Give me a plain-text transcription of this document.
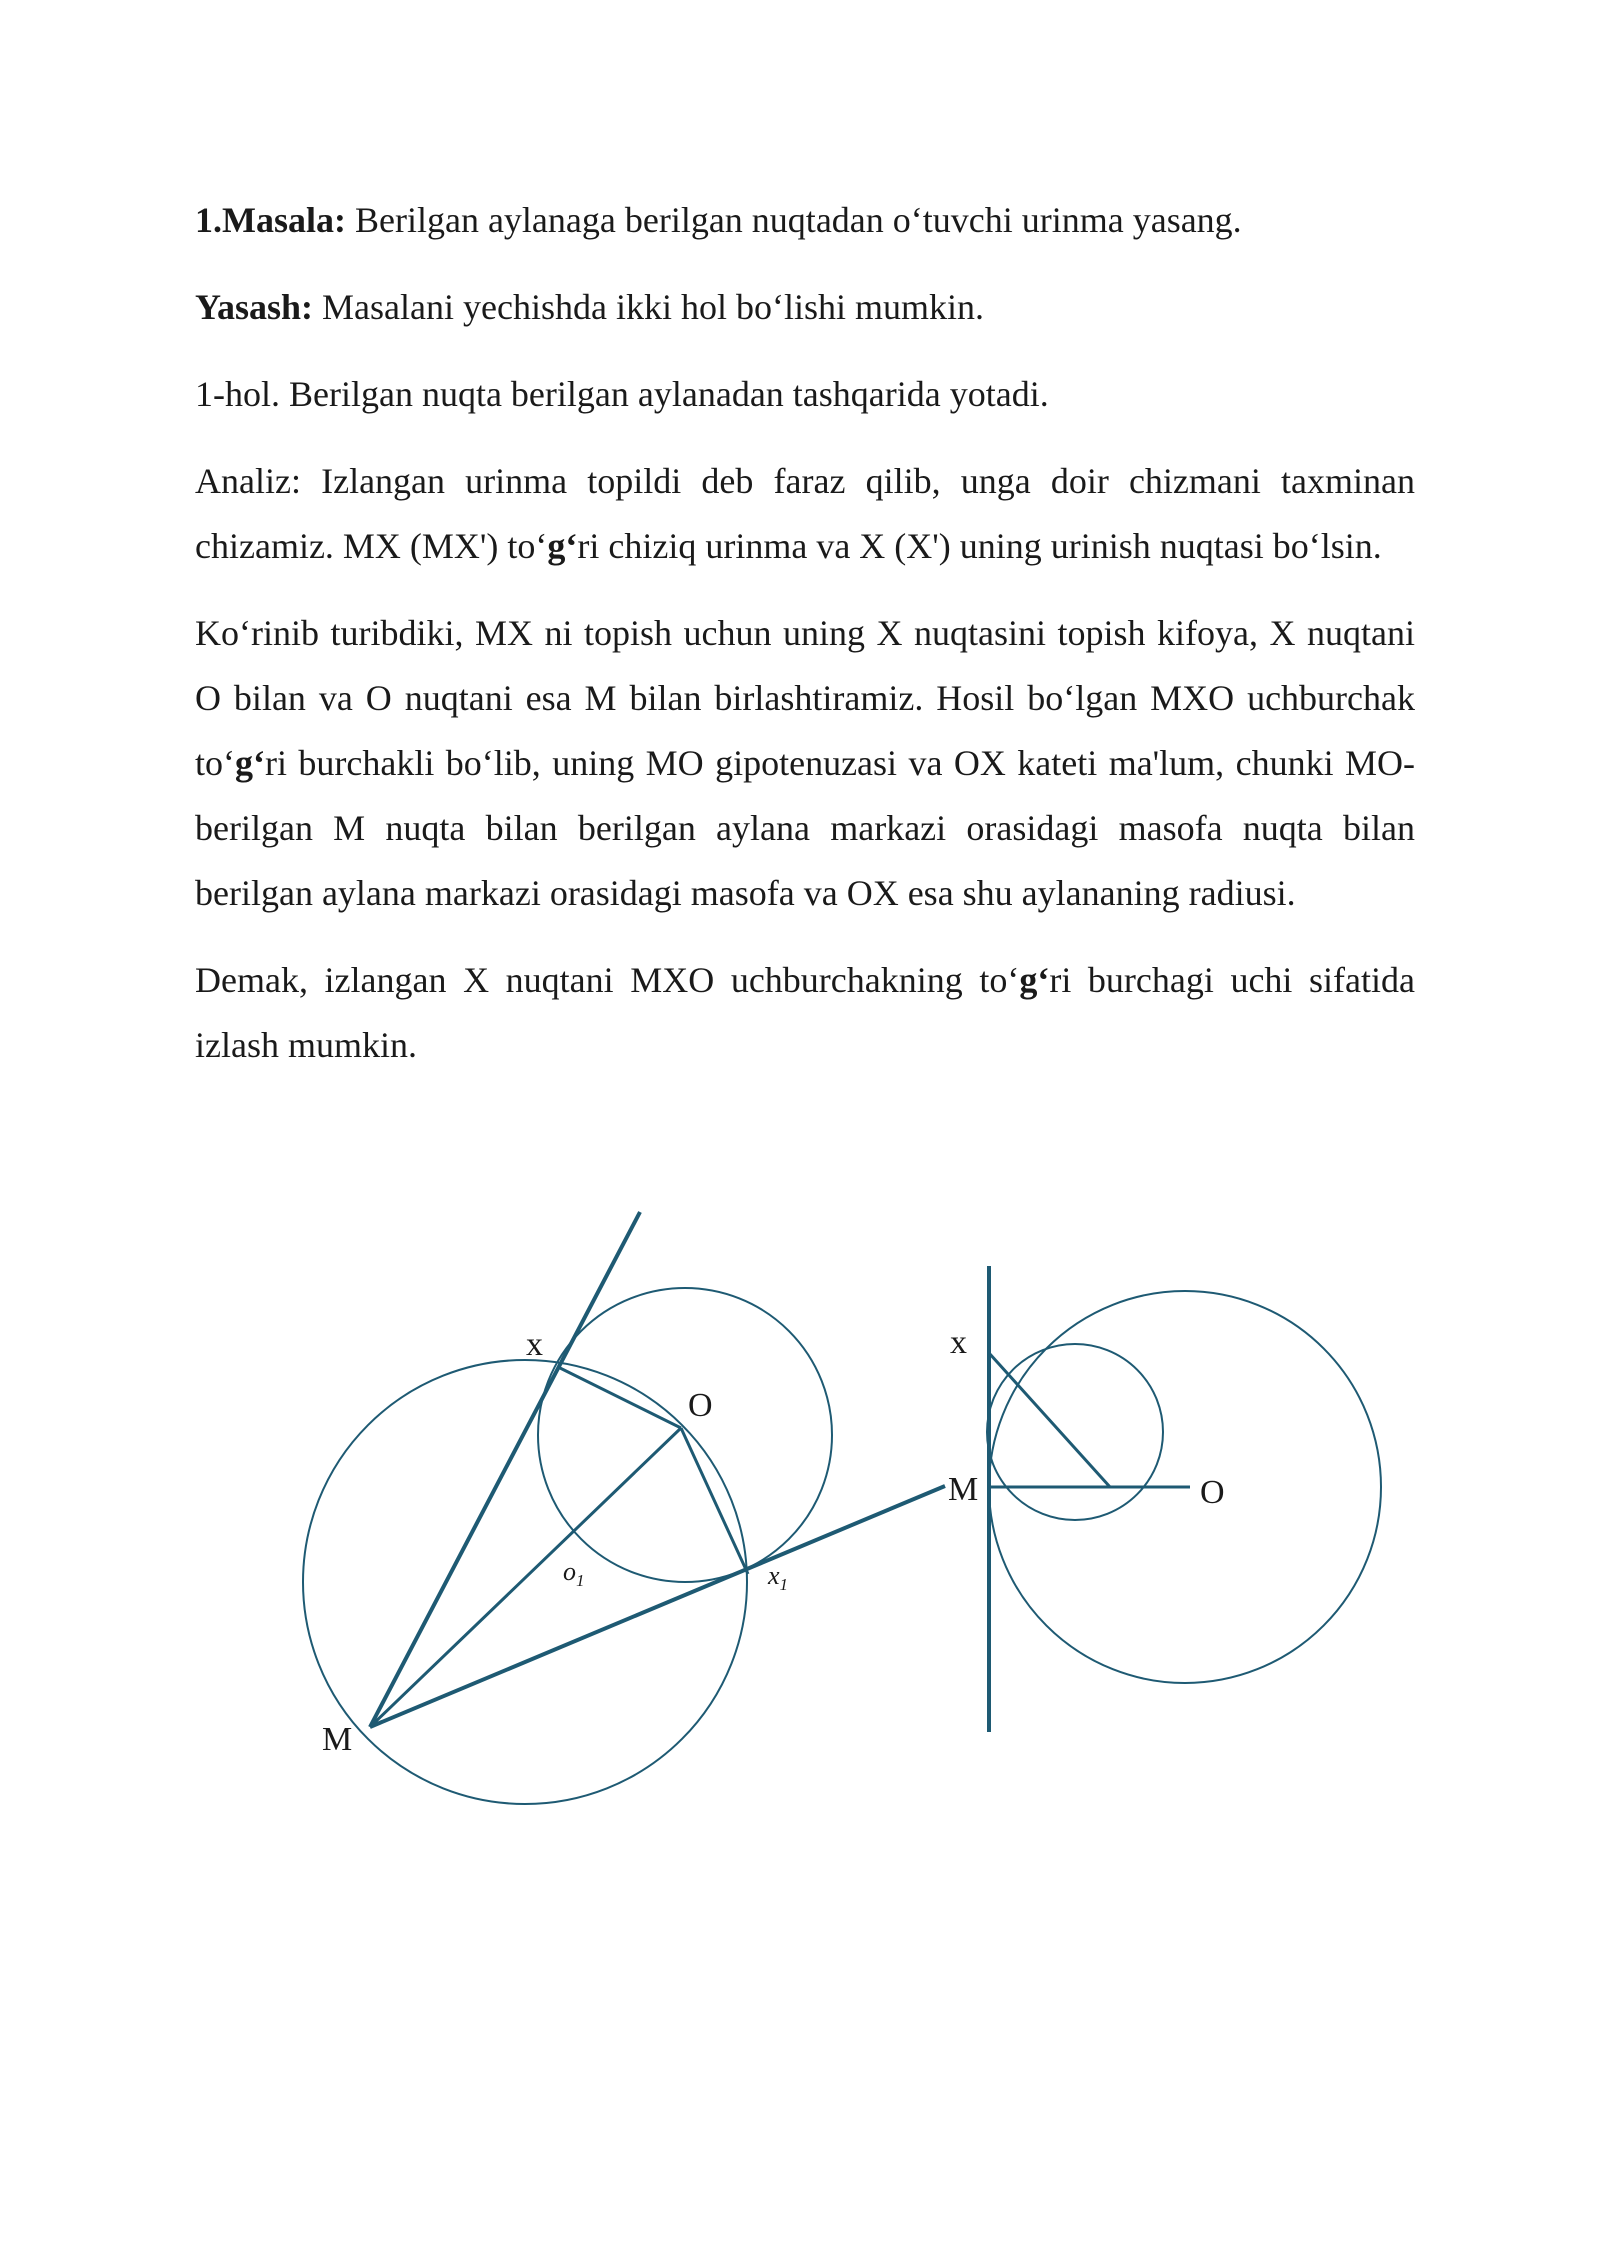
1.Masala: Berilgan aylanaga berilgan nuqtadan o‘tuvchi urinma yasang.

Yasash: Masalani yechishda ikki hol bo‘lishi mumkin.

1-hol. Berilgan nuqta berilgan aylanadan tashqarida yotadi.

Analiz: Izlangan urinma topildi deb faraz qilib, unga doir chizmani taxminan chizamiz. MX (MX') to‘g‘ri chiziq urinma va X (X') uning urinish nuqtasi bo‘lsin.

Ko‘rinib turibdiki, MX ni topish uchun uning X nuqtasini topish kifoya, X nuqtani O bilan va O nuqtani esa M bilan birlashtiramiz. Hosil bo‘lgan MXO uchburchak to‘g‘ri burchakli bo‘lib, uning MO gipotenuzasi va OX kateti ma'lum, chunki MO- berilgan M nuqta bilan berilgan aylana markazi orasidagi masofa nuqta bilan berilgan aylana markazi orasidagi masofa va OX esa shu aylananing radiusi.

Demak, izlangan X nuqtani MXO uchburchakning to‘g‘ri burchagi uchi sifatida izlash mumkin.

x
O
M
$o_1$	$x_1$
x
M	O
